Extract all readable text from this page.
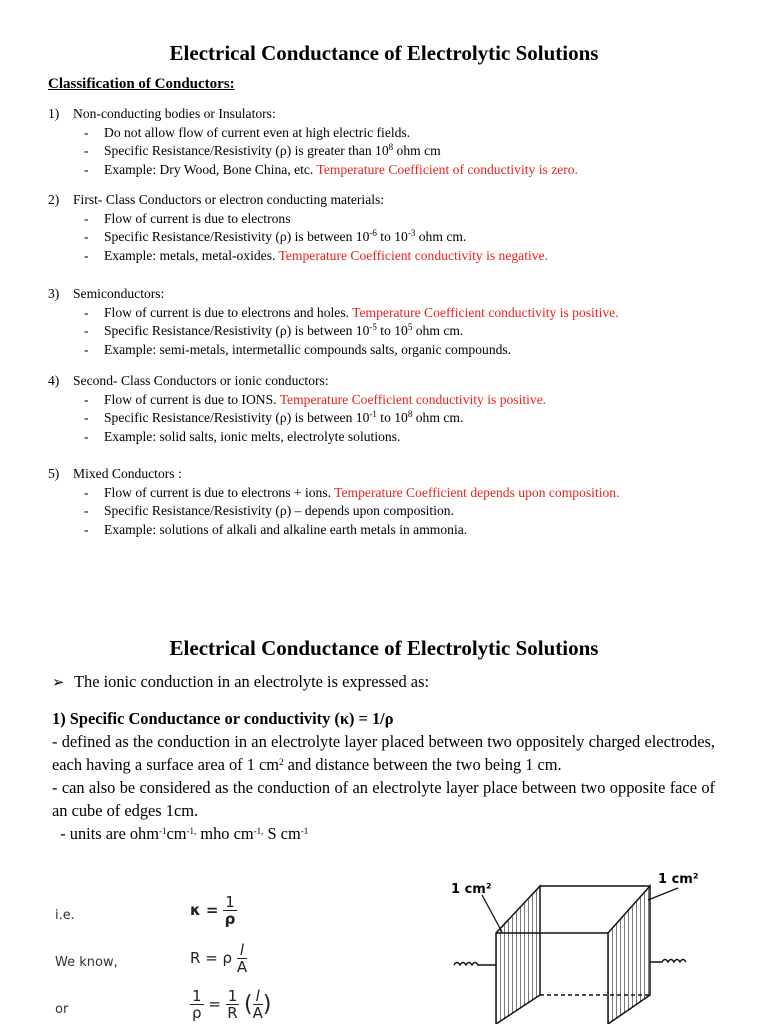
Electrical Conductance of Electrolytic Solutions
Classification of Conductors:
1)	Non-conducting bodies or Insulators:
-	Do not allow flow of current even at high electric fields.
-	Specific Resistance/Resistivity (ρ) is greater than $10^8$ ohm cm
-	Example: Dry Wood, Bone China, etc. Temperature Coefficient of conductivity is zero.
2)	First- Class Conductors or electron conducting materials:
-	Flow of current is due to electrons
-	Specific Resistance/Resistivity (ρ) is between $10^{-6}$ to $10^{-3}$ ohm cm.
-	Example: metals, metal-oxides. Temperature Coefficient conductivity is negative.
3)	Semiconductors:
-	Flow of current is due to electrons and holes. Temperature Coefficient conductivity is positive.
-	Specific Resistance/Resistivity (ρ) is between $10^{-5}$ to $10^5$ ohm cm.
-	Example: semi-metals, intermetallic compounds salts, organic compounds.
4)	Second- Class Conductors or ionic conductors:
-	Flow of current is due to IONS. Temperature Coefficient conductivity is positive.
-	Specific Resistance/Resistivity (ρ) is between $10^{-1}$ to $10^8$ ohm cm.
-	Example: solid salts, ionic melts, electrolyte solutions.
5)	Mixed Conductors :
-	Flow of current is due to electrons + ions. Temperature Coefficient depends upon composition.
-	Specific Resistance/Resistivity (ρ) – depends upon composition.
-	Example: solutions of alkali and alkaline earth metals in ammonia.
Electrical Conductance of Electrolytic Solutions
➢ The ionic conduction in an electrolyte is expressed as:
1) Specific Conductance or conductivity (κ) = 1/ρ
- defined as the conduction in an electrolyte layer placed between two oppositely charged electrodes, each having a surface area of 1 $cm^2$ and distance between the two being 1 cm.
- can also be considered as the conduction of an electrolyte layer place between two opposite face of an cube of edges 1cm.
- units are $ohm^{-1}cm^{-1,}$ mho $cm^{-1,}$ S $cm^{-1}$
i.e.	$\kappa = \frac{1}{\rho}$
We know,	R = ρ $\frac{l}{A}$
or	$\frac{1}{\rho} = \frac{1}{R}$ ( $\frac{l}{A}$ )
1 cm²
1 cm²
